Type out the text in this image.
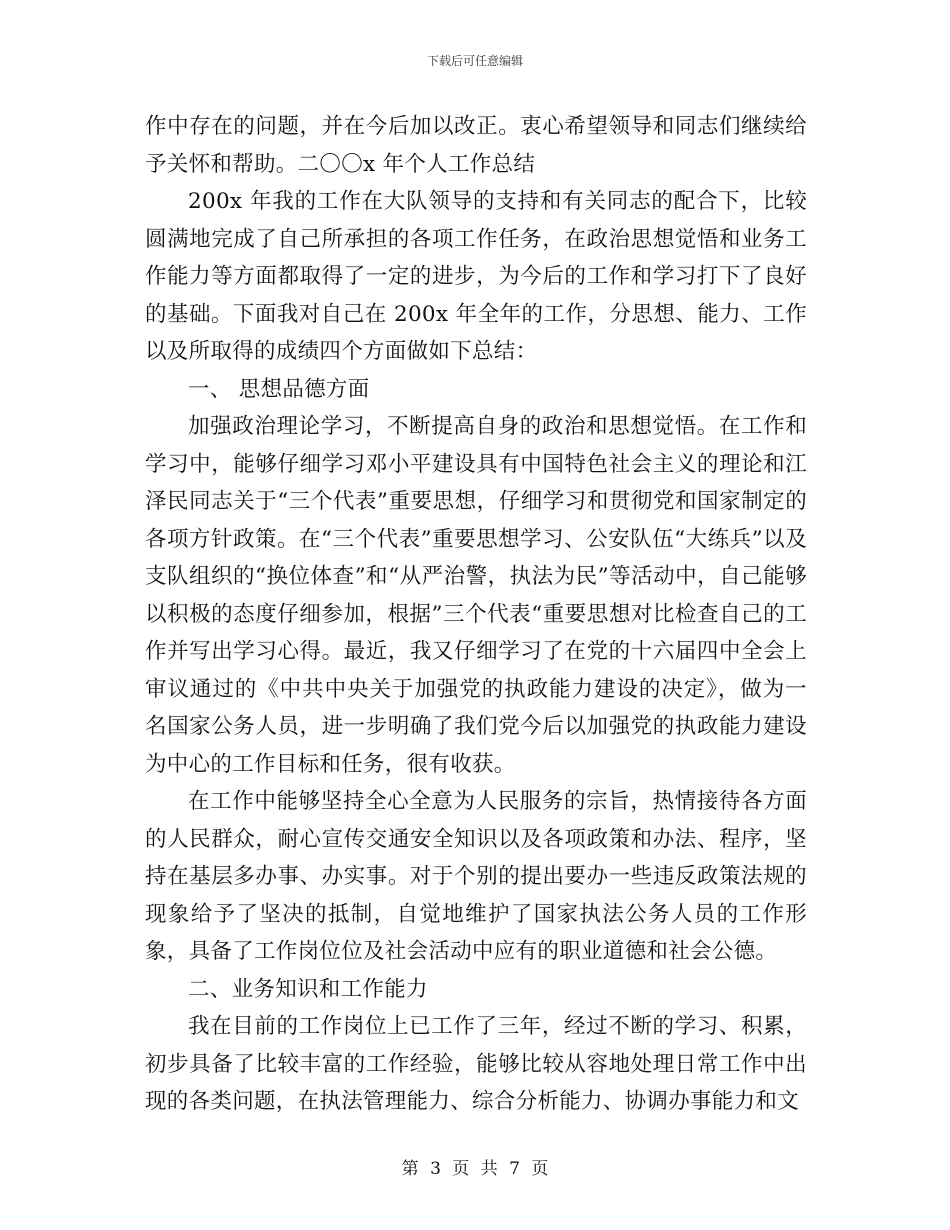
下载后可任意编辑

作中存在的问题，并在今后加以改正。衷心希望领导和同志们继续给予关怀和帮助。二〇〇x 年个人工作总结

200x 年我的工作在大队领导的支持和有关同志的配合下，比较圆满地完成了自己所承担的各项工作任务，在政治思想觉悟和业务工作能力等方面都取得了一定的进步，为今后的工作和学习打下了良好的基础。下面我对自己在 200x 年全年的工作，分思想、能力、工作以及所取得的成绩四个方面做如下总结：

一、 思想品德方面

加强政治理论学习，不断提高自身的政治和思想觉悟。在工作和学习中，能够仔细学习邓小平建设具有中国特色社会主义的理论和江泽民同志关于“三个代表”重要思想，仔细学习和贯彻党和国家制定的各项方针政策。在“三个代表”重要思想学习、公安队伍“大练兵”以及支队组织的“换位体查”和“从严治警，执法为民”等活动中，自己能够以积极的态度仔细参加，根据”三个代表“重要思想对比检查自己的工作并写出学习心得。最近，我又仔细学习了在党的十六届四中全会上审议通过的《中共中央关于加强党的执政能力建设的决定》，做为一名国家公务人员，进一步明确了我们党今后以加强党的执政能力建设为中心的工作目标和任务，很有收获。

在工作中能够坚持全心全意为人民服务的宗旨，热情接待各方面的人民群众，耐心宣传交通安全知识以及各项政策和办法、程序，坚持在基层多办事、办实事。对于个别的提出要办一些违反政策法规的现象给予了坚决的抵制，自觉地维护了国家执法公务人员的工作形象，具备了工作岗位位及社会活动中应有的职业道德和社会公德。

二、业务知识和工作能力

我在目前的工作岗位上已工作了三年，经过不断的学习、积累，初步具备了比较丰富的工作经验，能够比较从容地处理日常工作中出现的各类问题，在执法管理能力、综合分析能力、协调办事能力和文

第 3 页 共 7 页
